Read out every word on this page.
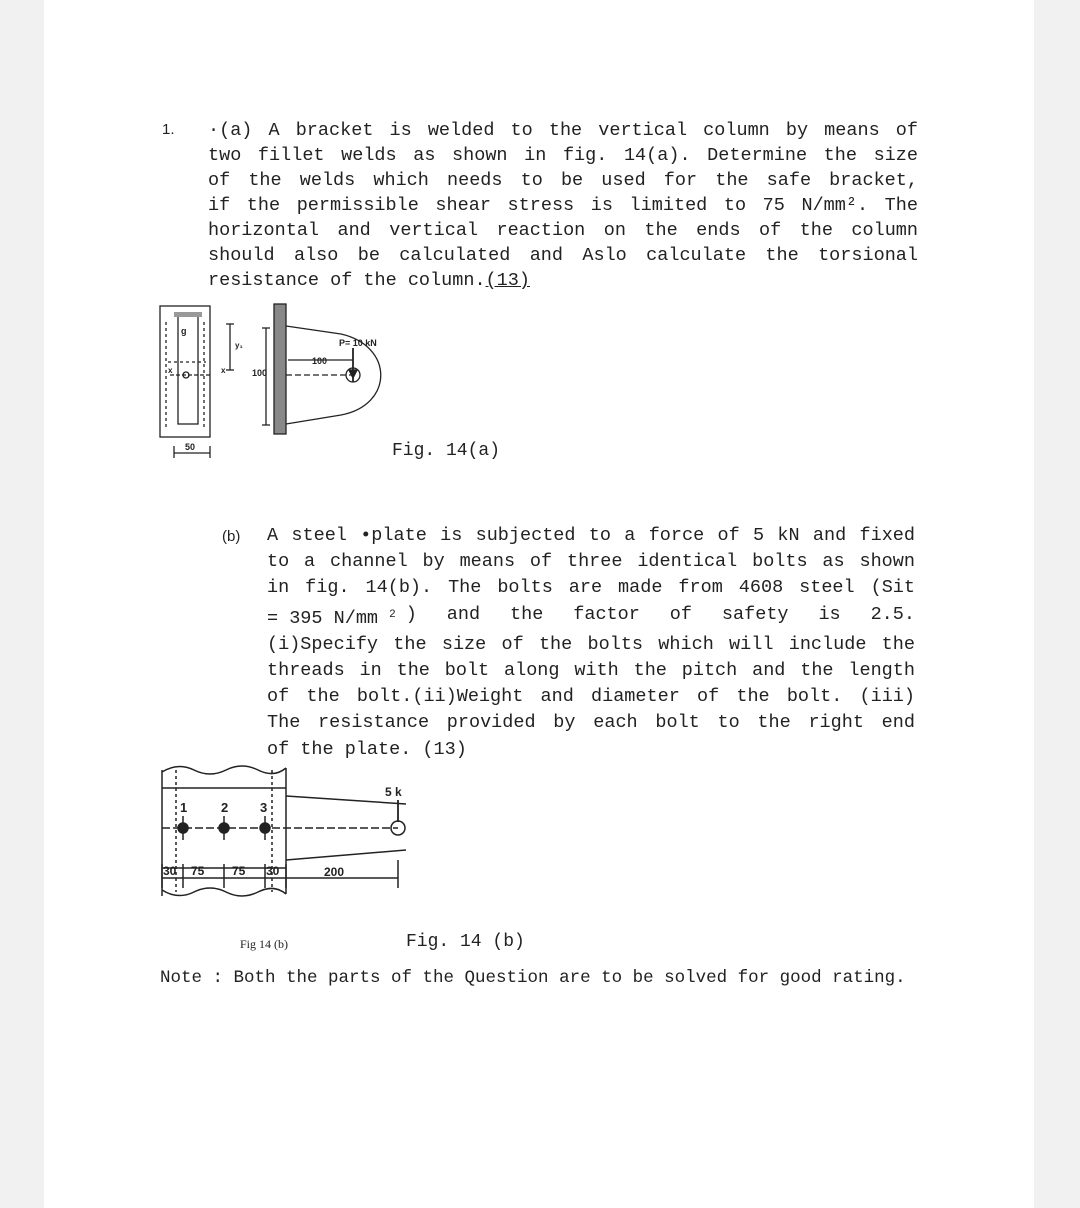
1. ·(a) A bracket is welded to the vertical column by means of
two fillet welds as shown in fig. 14(a). Determine the size
of the welds which needs to be used for the safe bracket,
if the permissible shear stress is limited to 75 N/mm². The
horizontal and vertical reaction on the ends of the column
should also be calculated and Aslo calculate the torsional
resistance of the column.(13)
g
y₁
x	x	100
100
P= 10 kN
50	Fig. 14(a)
(b) A steel •plate is subjected to a force of 5 kN and fixed
to a channel by means of three identical bolts as shown
in fig. 14(b). The bolts are made from 4608 steel (Sit
= 395 N/mm $^2$ ) and the factor of safety is 2.5.
(i)Specify the size of the bolts which will include the
threads in the bolt along with the pitch and the length
of the bolt.(ii)Weight and diameter of the bolt. (iii)
The resistance provided by each bolt to the right end
of the plate. (13)
5 k
1	2 3
30 75 75 30	200
Fig 14 (b)	Fig. 14 (b)
Note : Both the parts of the Question are to be solved for good rating.
